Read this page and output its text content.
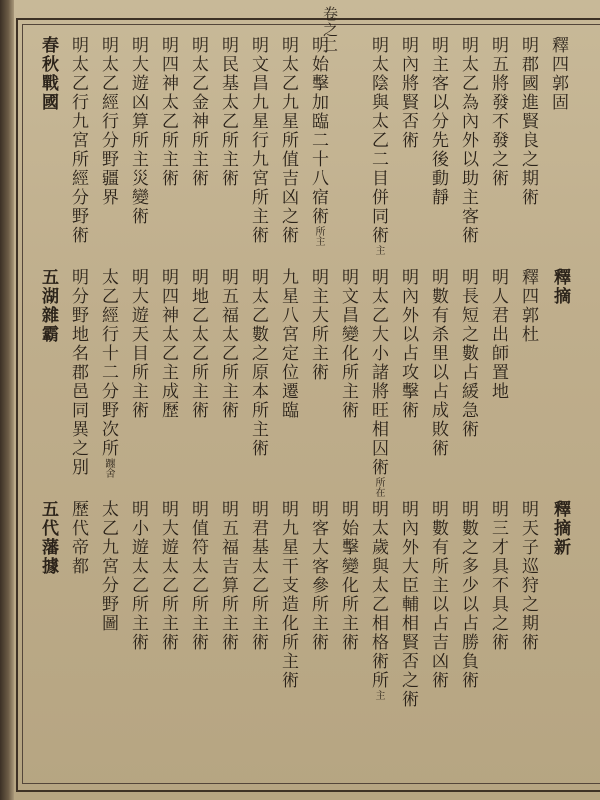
卷之二
釋四郭固
明郡國進賢良之期術
明五將發不發之術
明太乙為內外以助主客術
明主客以分先後動靜
明內將賢否術
明太陰與太乙二目併同術主
明始擊加臨二十八宿術所主
明太乙九星所值吉凶之術
明文昌九星行九宮所主術
明民基太乙所主術
明太乙金神所主術
明四神太乙所主術
明大遊凶算所主災變術
明太乙經行分野疆界
明太乙行九宮所經分野術
春秋戰國
釋摘
釋四郭杜
明人君出師置地
明長短之數占緩急術
明數有杀里以占成敗術
明內外以占攻擊術
明太乙大小諸將旺相囚術所在
明文昌變化所主術
明主大所主術
九星八宮定位遷臨
明太乙數之原本所主術
明五福太乙所主術
明地乙太乙所主術
明四神太乙主成歷
明大遊天目所主術
太乙經行十二分野次所躔舍
明分野地名郡邑同異之別
五湖雜霸
釋摘新
明天子巡狩之期術
明三才具不具之術
明數之多少以占勝負術
明數有所主以占吉凶術
明內外大臣輔相賢否之術
明太歲與太乙相格術所主
明始擊變化所主術
明客大客參所主術
明九星干支造化所主術
明君基太乙所主術
明五福吉算所主術
明值符太乙所主術
明大遊太乙所主術
明小遊太乙所主術
太乙九宮分野圖
歷代帝都
五代藩據
